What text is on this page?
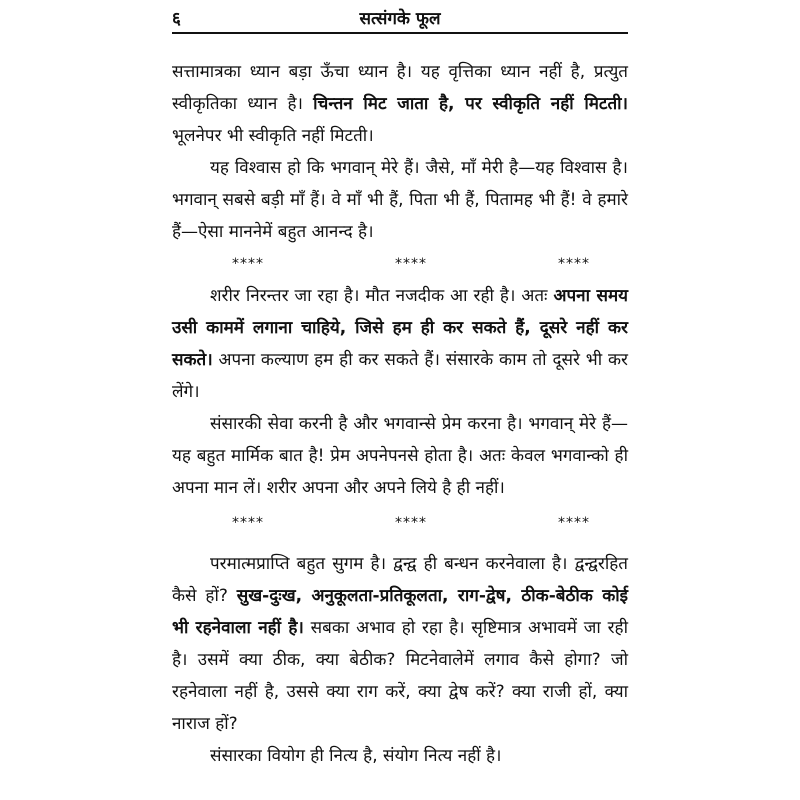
६	सत्संगके फूल

सत्तामात्रका ध्यान बड़ा ऊँचा ध्यान है। यह वृत्तिका ध्यान नहीं है, प्रत्युत स्वीकृतिका ध्यान है। चिन्तन मिट जाता है, पर स्वीकृति नहीं मिटती। भूलनेपर भी स्वीकृति नहीं मिटती।

यह विश्वास हो कि भगवान् मेरे हैं। जैसे, माँ मेरी है—यह विश्वास है। भगवान् सबसे बड़ी माँ हैं। वे माँ भी हैं, पिता भी हैं, पितामह भी हैं! वे हमारे हैं—ऐसा माननेमें बहुत आनन्द है।

****	****	****

शरीर निरन्तर जा रहा है। मौत नजदीक आ रही है। अतः अपना समय उसी काममें लगाना चाहिये, जिसे हम ही कर सकते हैं, दूसरे नहीं कर सकते। अपना कल्याण हम ही कर सकते हैं। संसारके काम तो दूसरे भी कर लेंगे।

संसारकी सेवा करनी है और भगवान्से प्रेम करना है। भगवान् मेरे हैं—यह बहुत मार्मिक बात है! प्रेम अपनेपनसे होता है। अतः केवल भगवान्को ही अपना मान लें। शरीर अपना और अपने लिये है ही नहीं।

****	****	****

परमात्मप्राप्ति बहुत सुगम है। द्वन्द्व ही बन्धन करनेवाला है। द्वन्द्वरहित कैसे हों? सुख-दुःख, अनुकूलता-प्रतिकूलता, राग-द्वेष, ठीक-बेठीक कोई भी रहनेवाला नहीं है। सबका अभाव हो रहा है। सृष्टिमात्र अभावमें जा रही है। उसमें क्या ठीक, क्या बेठीक? मिटनेवालेमें लगाव कैसे होगा? जो रहनेवाला नहीं है, उससे क्या राग करें, क्या द्वेष करें? क्या राजी हों, क्या नाराज हों?

संसारका वियोग ही नित्य है, संयोग नित्य नहीं है।
